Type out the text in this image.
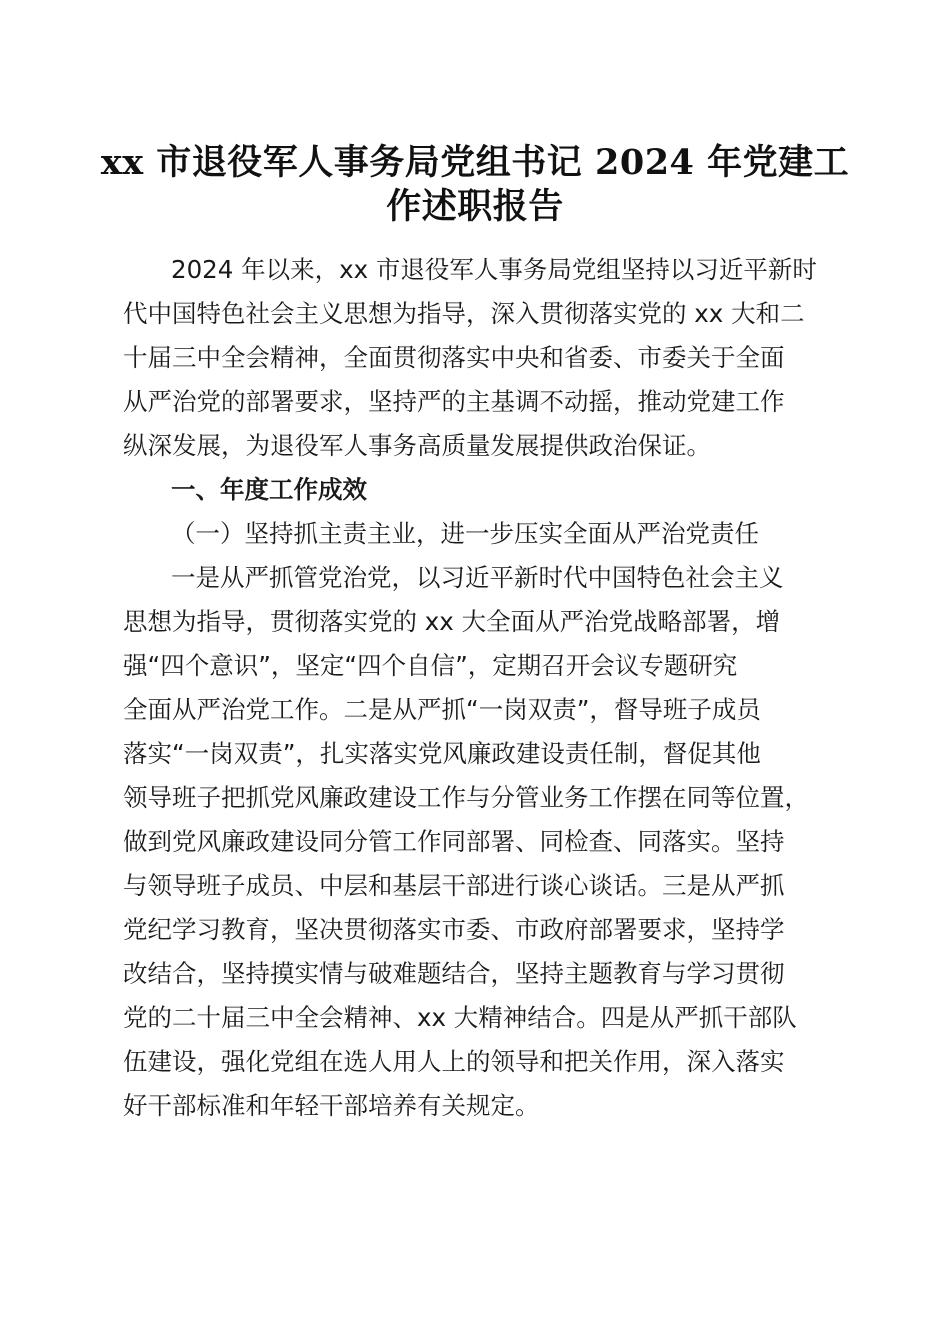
xx 市退役军人事务局党组书记 2024 年党建工
作述职报告

2024 年以来，xx 市退役军人事务局党组坚持以习近平新时

代中国特色社会主义思想为指导，深入贯彻落实党的 xx 大和二

十届三中全会精神，全面贯彻落实中央和省委、市委关于全面

从严治党的部署要求，坚持严的主基调不动摇，推动党建工作

纵深发展，为退役军人事务高质量发展提供政治保证。

一、年度工作成效

（一）坚持抓主责主业，进一步压实全面从严治党责任

一是从严抓管党治党，以习近平新时代中国特色社会主义

思想为指导，贯彻落实党的 xx 大全面从严治党战略部署，增

强“四个意识”，坚定“四个自信”，定期召开会议专题研究

全面从严治党工作。二是从严抓“一岗双责”，督导班子成员

落实“一岗双责”，扎实落实党风廉政建设责任制，督促其他

领导班子把抓党风廉政建设工作与分管业务工作摆在同等位置，

做到党风廉政建设同分管工作同部署、同检查、同落实。坚持

与领导班子成员、中层和基层干部进行谈心谈话。三是从严抓

党纪学习教育，坚决贯彻落实市委、市政府部署要求，坚持学

改结合，坚持摸实情与破难题结合，坚持主题教育与学习贯彻

党的二十届三中全会精神、xx 大精神结合。四是从严抓干部队

伍建设，强化党组在选人用人上的领导和把关作用，深入落实

好干部标准和年轻干部培养有关规定。
